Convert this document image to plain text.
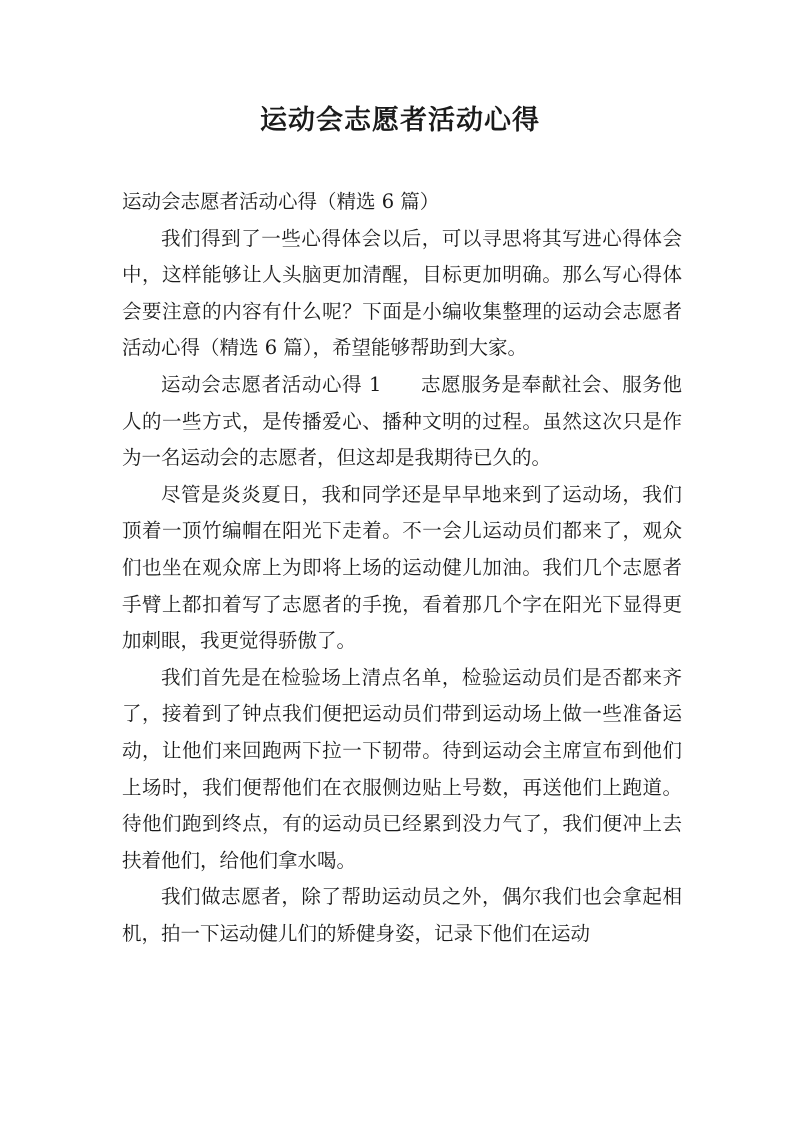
运动会志愿者活动心得

运动会志愿者活动心得（精选 6 篇）

我们得到了一些心得体会以后，可以寻思将其写进心得体会中，这样能够让人头脑更加清醒，目标更加明确。那么写心得体会要注意的内容有什么呢？下面是小编收集整理的运动会志愿者活动心得（精选 6 篇），希望能够帮助到大家。

运动会志愿者活动心得 1 志愿服务是奉献社会、服务他人的一些方式，是传播爱心、播种文明的过程。虽然这次只是作为一名运动会的志愿者，但这却是我期待已久的。

尽管是炎炎夏日，我和同学还是早早地来到了运动场，我们顶着一顶竹编帽在阳光下走着。不一会儿运动员们都来了，观众们也坐在观众席上为即将上场的运动健儿加油。我们几个志愿者手臂上都扣着写了志愿者的手挽，看着那几个字在阳光下显得更加刺眼，我更觉得骄傲了。

我们首先是在检验场上清点名单，检验运动员们是否都来齐了，接着到了钟点我们便把运动员们带到运动场上做一些准备运动，让他们来回跑两下拉一下韧带。待到运动会主席宣布到他们上场时，我们便帮他们在衣服侧边贴上号数，再送他们上跑道。待他们跑到终点，有的运动员已经累到没力气了，我们便冲上去扶着他们，给他们拿水喝。

我们做志愿者，除了帮助运动员之外，偶尔我们也会拿起相机，拍一下运动健儿们的矫健身姿，记录下他们在运动
